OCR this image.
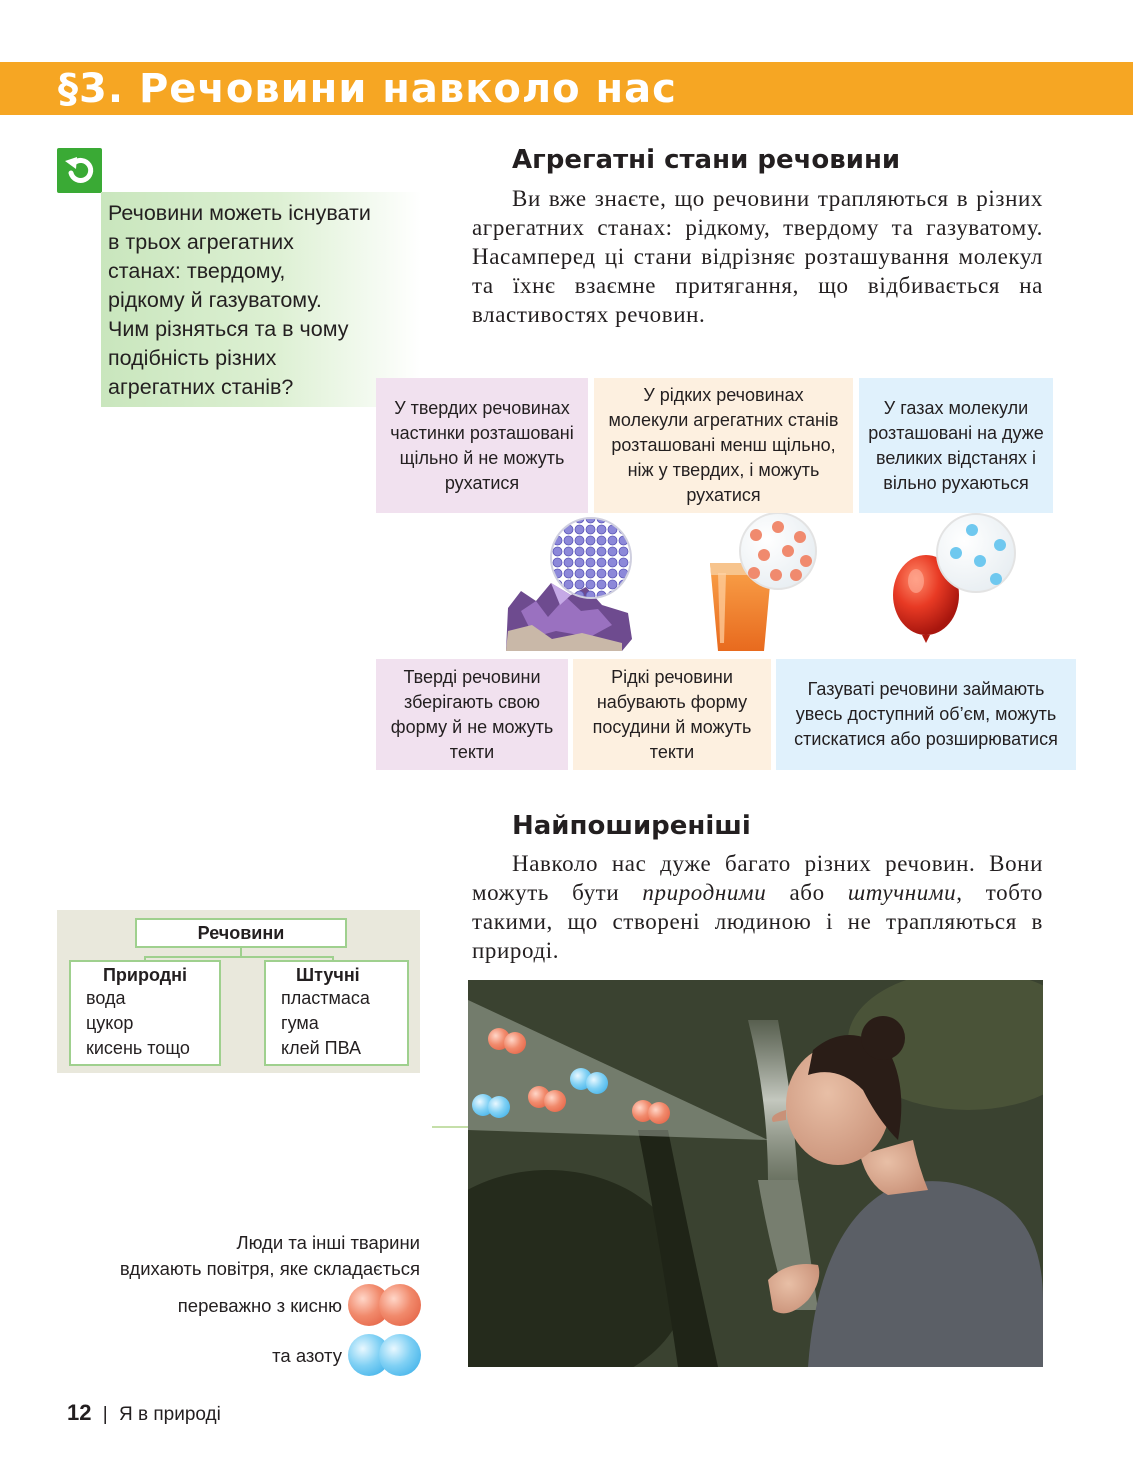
§3. Речовини навколо нас
Речовини можеть існувати
в трьох агрегатних
станах: твердому,
рідкому й газуватому.
Чим різняться та в чому
подібність різних
агрегатних станів?
Агрегатні стани речовини

Ви вже знаєте, що речовини трапляються в різних агрегатних станах: рідкому, твердому та газуватому. Насамперед ці стани відрізняє розташування молекул та їхнє взаємне притягання, що відбивається на властивостях речовин.

У твердих речовинах частинки розташовані щільно й не можуть рухатися
У рідких речовинах молекули агрегатних станів розташовані менш щільно, ніж у твердих, і можуть рухатися
У газах молекули розташовані на дуже великих відстанях і вільно рухаються
Тверді речовини зберігають свою форму й не можуть текти
Рідкі речовини набувають форму посудини й можуть текти
Газуваті речовини займають увесь доступний об’єм, можуть стискатися або розширюватися
Найпоширеніші

Навколо нас дуже багато різних речовин. Вони можуть бути природними або штучними, тобто такими, що створені людиною і не трапляються в природі.

Речовини
Природні
вода
цукор
кисень тощо
Штучні
пластмаса
гума
клей ПВА
Люди та інші тварини
вдихають повітря, яке складається
переважно з кисню
та азоту
12 | Я в природі
